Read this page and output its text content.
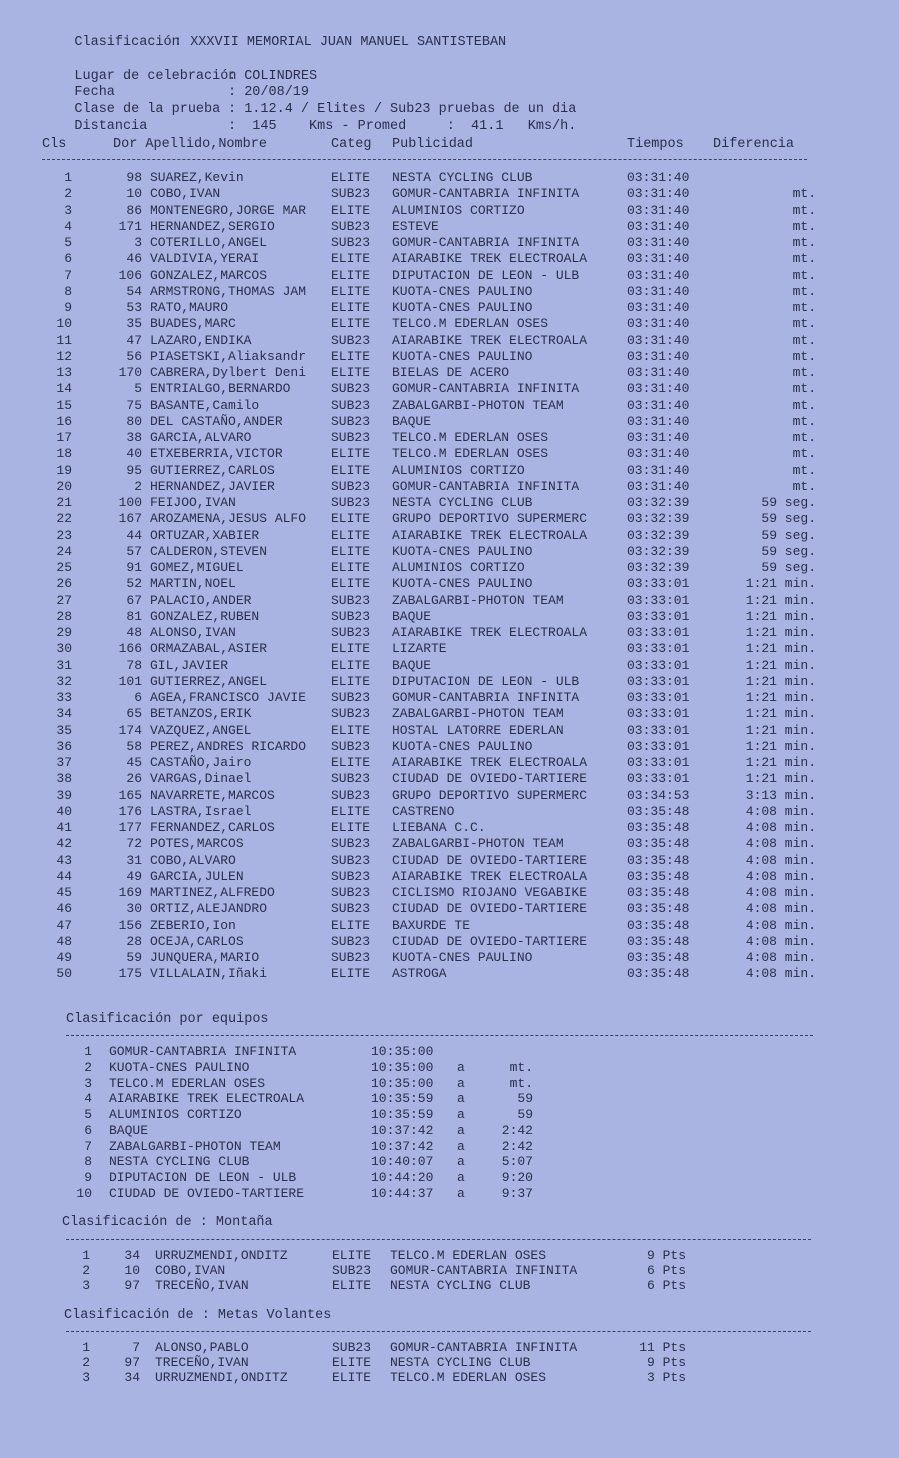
Clasificación
: XXXVII MEMORIAL JUAN MANUEL SANTISTEBAN

Lugar de celebración
: COLINDRES

Fecha	: 20/08/19

Clase de la prueba : 1.12.4 / Elites / Sub23 pruebas de un dia

Distancia	:  145    Kms - Promed     :  41.1   Kms/h.

Cls	Dor Apellido,Nombre	Categ Publicidad	Tiempos Diferencia
1	98 SUAREZ,Kevin	ELITE NESTA CYCLING CLUB	03:31:40
2	10 COBO,IVAN	SUB23 GOMUR-CANTABRIA INFINITA	03:31:40	mt.
3	86 MONTENEGRO,JORGE MAR ELITE ALUMINIOS CORTIZO	03:31:40	mt.
4	171 HERNANDEZ,SERGIO	SUB23 ESTEVE	03:31:40	mt.
5	3 COTERILLO,ANGEL	SUB23 GOMUR-CANTABRIA INFINITA	03:31:40	mt.
6	46 VALDIVIA,YERAI	ELITE AIARABIKE TREK ELECTROALA	03:31:40	mt.
7	106 GONZALEZ,MARCOS	ELITE DIPUTACION DE LEON - ULB	03:31:40	mt.
8	54 ARMSTRONG,THOMAS JAM ELITE KUOTA-CNES PAULINO	03:31:40	mt.
9	53 RATO,MAURO	ELITE KUOTA-CNES PAULINO	03:31:40	mt.
10	35 BUADES,MARC	ELITE TELCO.M EDERLAN OSES	03:31:40	mt.
11	47 LAZARO,ENDIKA	SUB23 AIARABIKE TREK ELECTROALA	03:31:40	mt.
12	56 PIASETSKI,Aliaksandr ELITE KUOTA-CNES PAULINO	03:31:40	mt.
13	170 CABRERA,Dylbert Deni ELITE BIELAS DE ACERO	03:31:40	mt.
14	5 ENTRIALGO,BERNARDO	SUB23 GOMUR-CANTABRIA INFINITA	03:31:40	mt.
15	75 BASANTE,Camilo	SUB23 ZABALGARBI-PHOTON TEAM	03:31:40	mt.
16	80 DEL CASTAÑO,ANDER	SUB23 BAQUE	03:31:40	mt.
17	38 GARCIA,ALVARO	SUB23 TELCO.M EDERLAN OSES	03:31:40	mt.
18	40 ETXEBERRIA,VICTOR	ELITE TELCO.M EDERLAN OSES	03:31:40	mt.
19	95 GUTIERREZ,CARLOS	ELITE ALUMINIOS CORTIZO	03:31:40	mt.
20	2 HERNANDEZ,JAVIER	SUB23 GOMUR-CANTABRIA INFINITA	03:31:40	mt.
21	100 FEIJOO,IVAN	SUB23 NESTA CYCLING CLUB	03:32:39	59 seg.
22	167 AROZAMENA,JESUS ALFO ELITE GRUPO DEPORTIVO SUPERMERC	03:32:39	59 seg.
23	44 ORTUZAR,XABIER	ELITE AIARABIKE TREK ELECTROALA	03:32:39	59 seg.
24	57 CALDERON,STEVEN	ELITE KUOTA-CNES PAULINO	03:32:39	59 seg.
25	91 GOMEZ,MIGUEL	ELITE ALUMINIOS CORTIZO	03:32:39	59 seg.
26	52 MARTIN,NOEL	ELITE KUOTA-CNES PAULINO	03:33:01	1:21 min.
27	67 PALACIO,ANDER	SUB23 ZABALGARBI-PHOTON TEAM	03:33:01	1:21 min.
28	81 GONZALEZ,RUBEN	SUB23 BAQUE	03:33:01	1:21 min.
29	48 ALONSO,IVAN	SUB23 AIARABIKE TREK ELECTROALA	03:33:01	1:21 min.
30	166 ORMAZABAL,ASIER	ELITE LIZARTE	03:33:01	1:21 min.
31	78 GIL,JAVIER	ELITE BAQUE	03:33:01	1:21 min.
32	101 GUTIERREZ,ANGEL	ELITE DIPUTACION DE LEON - ULB	03:33:01	1:21 min.
33	6 AGEA,FRANCISCO JAVIE SUB23 GOMUR-CANTABRIA INFINITA	03:33:01	1:21 min.
34	65 BETANZOS,ERIK	SUB23 ZABALGARBI-PHOTON TEAM	03:33:01	1:21 min.
35	174 VAZQUEZ,ANGEL	ELITE HOSTAL LATORRE EDERLAN	03:33:01	1:21 min.
36	58 PEREZ,ANDRES RICARDO SUB23 KUOTA-CNES PAULINO	03:33:01	1:21 min.
37	45 CASTAÑO,Jairo	ELITE AIARABIKE TREK ELECTROALA	03:33:01	1:21 min.
38	26 VARGAS,Dinael	SUB23 CIUDAD DE OVIEDO-TARTIERE	03:33:01	1:21 min.
39	165 NAVARRETE,MARCOS	SUB23 GRUPO DEPORTIVO SUPERMERC	03:34:53	3:13 min.
40	176 LASTRA,Israel	ELITE CASTRENO	03:35:48	4:08 min.
41	177 FERNANDEZ,CARLOS	ELITE LIEBANA C.C.	03:35:48	4:08 min.
42	72 POTES,MARCOS	SUB23 ZABALGARBI-PHOTON TEAM	03:35:48	4:08 min.
43	31 COBO,ALVARO	SUB23 CIUDAD DE OVIEDO-TARTIERE	03:35:48	4:08 min.
44	49 GARCIA,JULEN	SUB23 AIARABIKE TREK ELECTROALA	03:35:48	4:08 min.
45	169 MARTINEZ,ALFREDO	SUB23 CICLISMO RIOJANO VEGABIKE	03:35:48	4:08 min.
46	30 ORTIZ,ALEJANDRO	SUB23 CIUDAD DE OVIEDO-TARTIERE	03:35:48	4:08 min.
47	156 ZEBERIO,Ion	ELITE BAXURDE TE	03:35:48	4:08 min.
48	28 OCEJA,CARLOS	SUB23 CIUDAD DE OVIEDO-TARTIERE	03:35:48	4:08 min.
49	59 JUNQUERA,MARIO	SUB23 KUOTA-CNES PAULINO	03:35:48	4:08 min.
50	175 VILLALAIN,Iñaki	ELITE ASTROGA	03:35:48	4:08 min.
Clasificación por equipos
1 GOMUR-CANTABRIA INFINITA	10:35:00
2 KUOTA-CNES PAULINO	10:35:00 a	mt.
3 TELCO.M EDERLAN OSES	10:35:00 a	mt.
4 AIARABIKE TREK ELECTROALA	10:35:59 a	59
5 ALUMINIOS CORTIZO	10:35:59 a	59
6 BAQUE	10:37:42 a	2:42
7 ZABALGARBI-PHOTON TEAM	10:37:42 a	2:42
8 NESTA CYCLING CLUB	10:40:07 a	5:07
9 DIPUTACION DE LEON - ULB	10:44:20 a	9:20
10 CIUDAD DE OVIEDO-TARTIERE	10:44:37 a	9:37
Clasificación de : Montaña
1	34 URRUZMENDI,ONDITZ	ELITE TELCO.M EDERLAN OSES	9 Pts
2	10 COBO,IVAN	SUB23 GOMUR-CANTABRIA INFINITA	6 Pts
3	97 TRECEÑO,IVAN	ELITE NESTA CYCLING CLUB	6 Pts
Clasificación de : Metas Volantes
1	7 ALONSO,PABLO	SUB23 GOMUR-CANTABRIA INFINITA	11 Pts
2	97 TRECEÑO,IVAN	ELITE NESTA CYCLING CLUB	9 Pts
3	34 URRUZMENDI,ONDITZ	ELITE TELCO.M EDERLAN OSES	3 Pts
